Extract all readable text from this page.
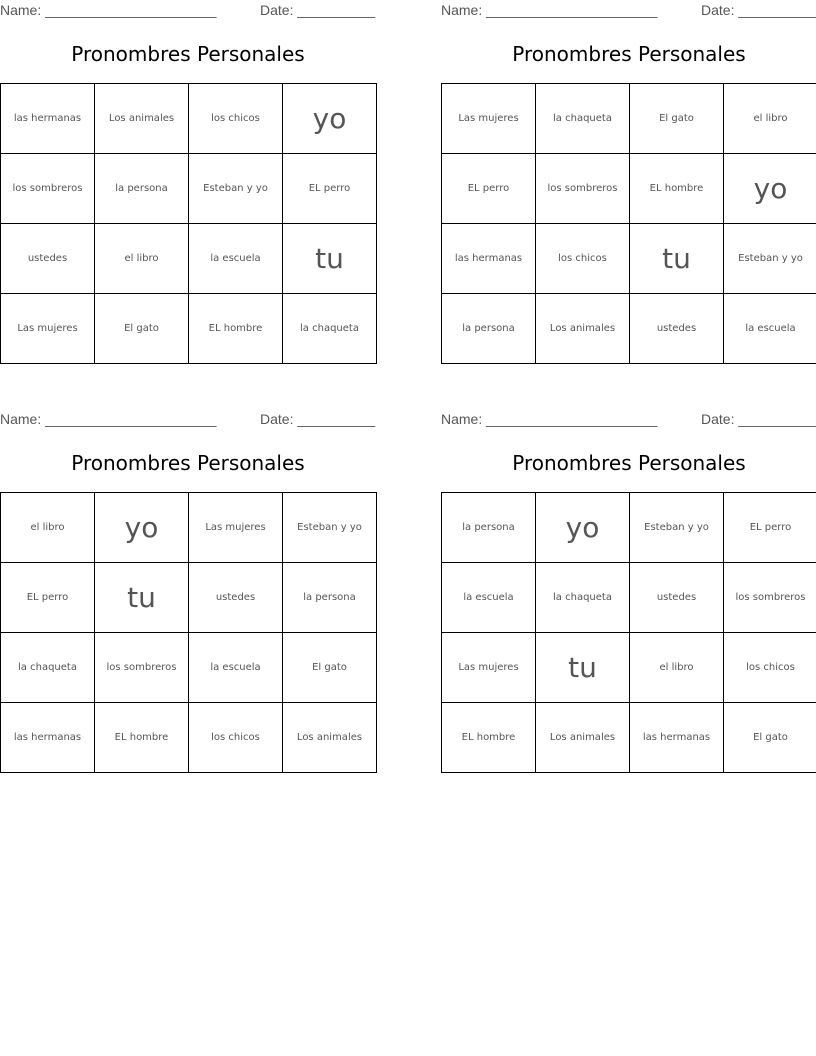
Name: ______________________	Date: __________
Pronombres Personales
las hermanas	Los animales	los chicos	yo
los sombreros	la persona	Esteban y yo	EL perro
ustedes	el libro	la escuela	tu
Las mujeres	El gato	EL hombre	la chaqueta
Name: ______________________	Date: __________
Pronombres Personales
Las mujeres	la chaqueta	El gato	el libro
EL perro	los sombreros	EL hombre	yo
las hermanas	los chicos	tu	Esteban y yo
la persona	Los animales	ustedes	la escuela
Name: ______________________	Date: __________
Pronombres Personales
el libro	yo	Las mujeres	Esteban y yo
EL perro	tu	ustedes	la persona
la chaqueta	los sombreros	la escuela	El gato
las hermanas	EL hombre	los chicos	Los animales
Name: ______________________	Date: __________
Pronombres Personales
la persona	yo	Esteban y yo	EL perro
la escuela	la chaqueta	ustedes	los sombreros
Las mujeres	tu	el libro	los chicos
EL hombre	Los animales	las hermanas	El gato
